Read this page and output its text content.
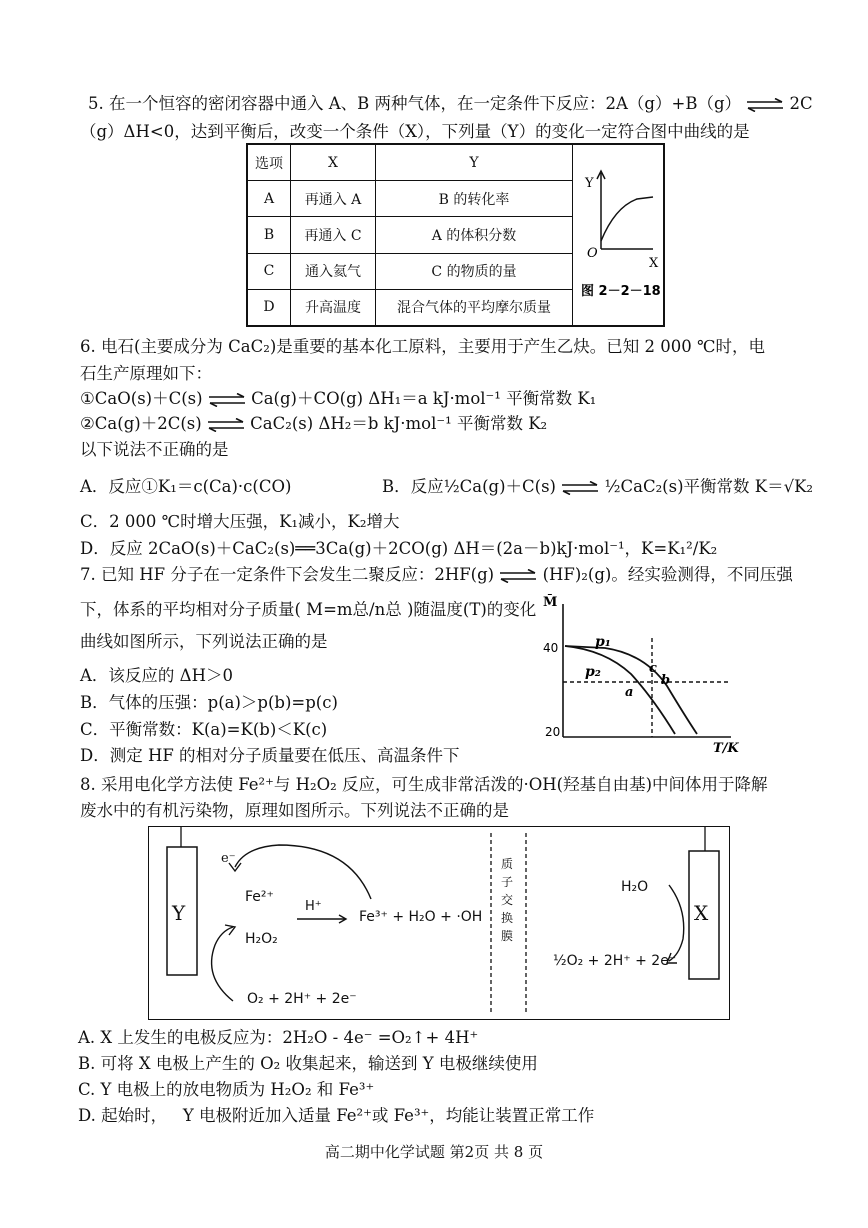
5. 在一个恒容的密闭容器中通入 A、B 两种气体，在一定条件下反应：2A（g）+B（g）	2C
（g）ΔH<0，达到平衡后，改变一个条件（X），下列量（Y）的变化一定符合图中曲线的是
选项	X	Y	Y
O
X
图 2－2－18

A	再通入 A	B 的转化率	
B	再通入 C	A 的体积分数	
C	通入氦气	C 的物质的量	
D	升高温度	混合气体的平均摩尔质量	
6. 电石(主要成分为 CaC₂)是重要的基本化工原料，主要用于产生乙炔。已知 2 000 ℃时，电
石生产原理如下：
①CaO(s)＋C(s)	Ca(g)＋CO(g) ΔH₁＝a kJ·mol⁻¹ 平衡常数 K₁
②Ca(g)＋2C(s)	CaC₂(s) ΔH₂＝b kJ·mol⁻¹ 平衡常数 K₂
以下说法不正确的是
A．反应①K₁＝c(Ca)·c(CO)	B．反应½Ca(g)＋C(s)	½CaC₂(s)平衡常数 K＝√K₂
C．2 000 ℃时增大压强，K₁减小，K₂增大
D．反应 2CaO(s)＋CaC₂(s)══3Ca(g)＋2CO(g) ΔH＝(2a－b)kJ·mol⁻¹，K=K₁²/K₂
7. 已知 HF 分子在一定条件下会发生二聚反应：2HF(g)	(HF)₂(g)。经实验测得，不同压强
下，体系的平均相对分子质量( M=m总/n总 )随温度(T)的变化
曲线如图所示，下列说法正确的是
A．该反应的 ΔH＞0
B．气体的压强：p(a)＞p(b)=p(c)
C．平衡常数：K(a)=K(b)＜K(c)
D．测定 HF 的相对分子质量要在低压、高温条件下
M̄
T/K
40
20
p₁
p₂
a
b
c
8. 采用电化学方法使 Fe²⁺与 H₂O₂ 反应，可生成非常活泼的·OH(羟基自由基)中间体用于降解
废水中的有机污染物，原理如图所示。下列说法不正确的是
Y	X
e⁻
Fe²⁺
H⁺
Fe³⁺ + H₂O + ·OH
H₂O₂
O₂ + 2H⁺ + 2e⁻
质
子
交
换
膜
H₂O
½O₂ + 2H⁺ + 2e⁻
A. X 上发生的电极反应为：2H₂O - 4e⁻ =O₂↑+ 4H⁺
B. 可将 X 电极上产生的 O₂ 收集起来，输送到 Y 电极继续使用
C. Y 电极上的放电物质为 H₂O₂ 和 Fe³⁺
D. 起始时，   Y 电极附近加入适量 Fe²⁺或 Fe³⁺，均能让装置正常工作
高二期中化学试题 第2页 共 8 页
